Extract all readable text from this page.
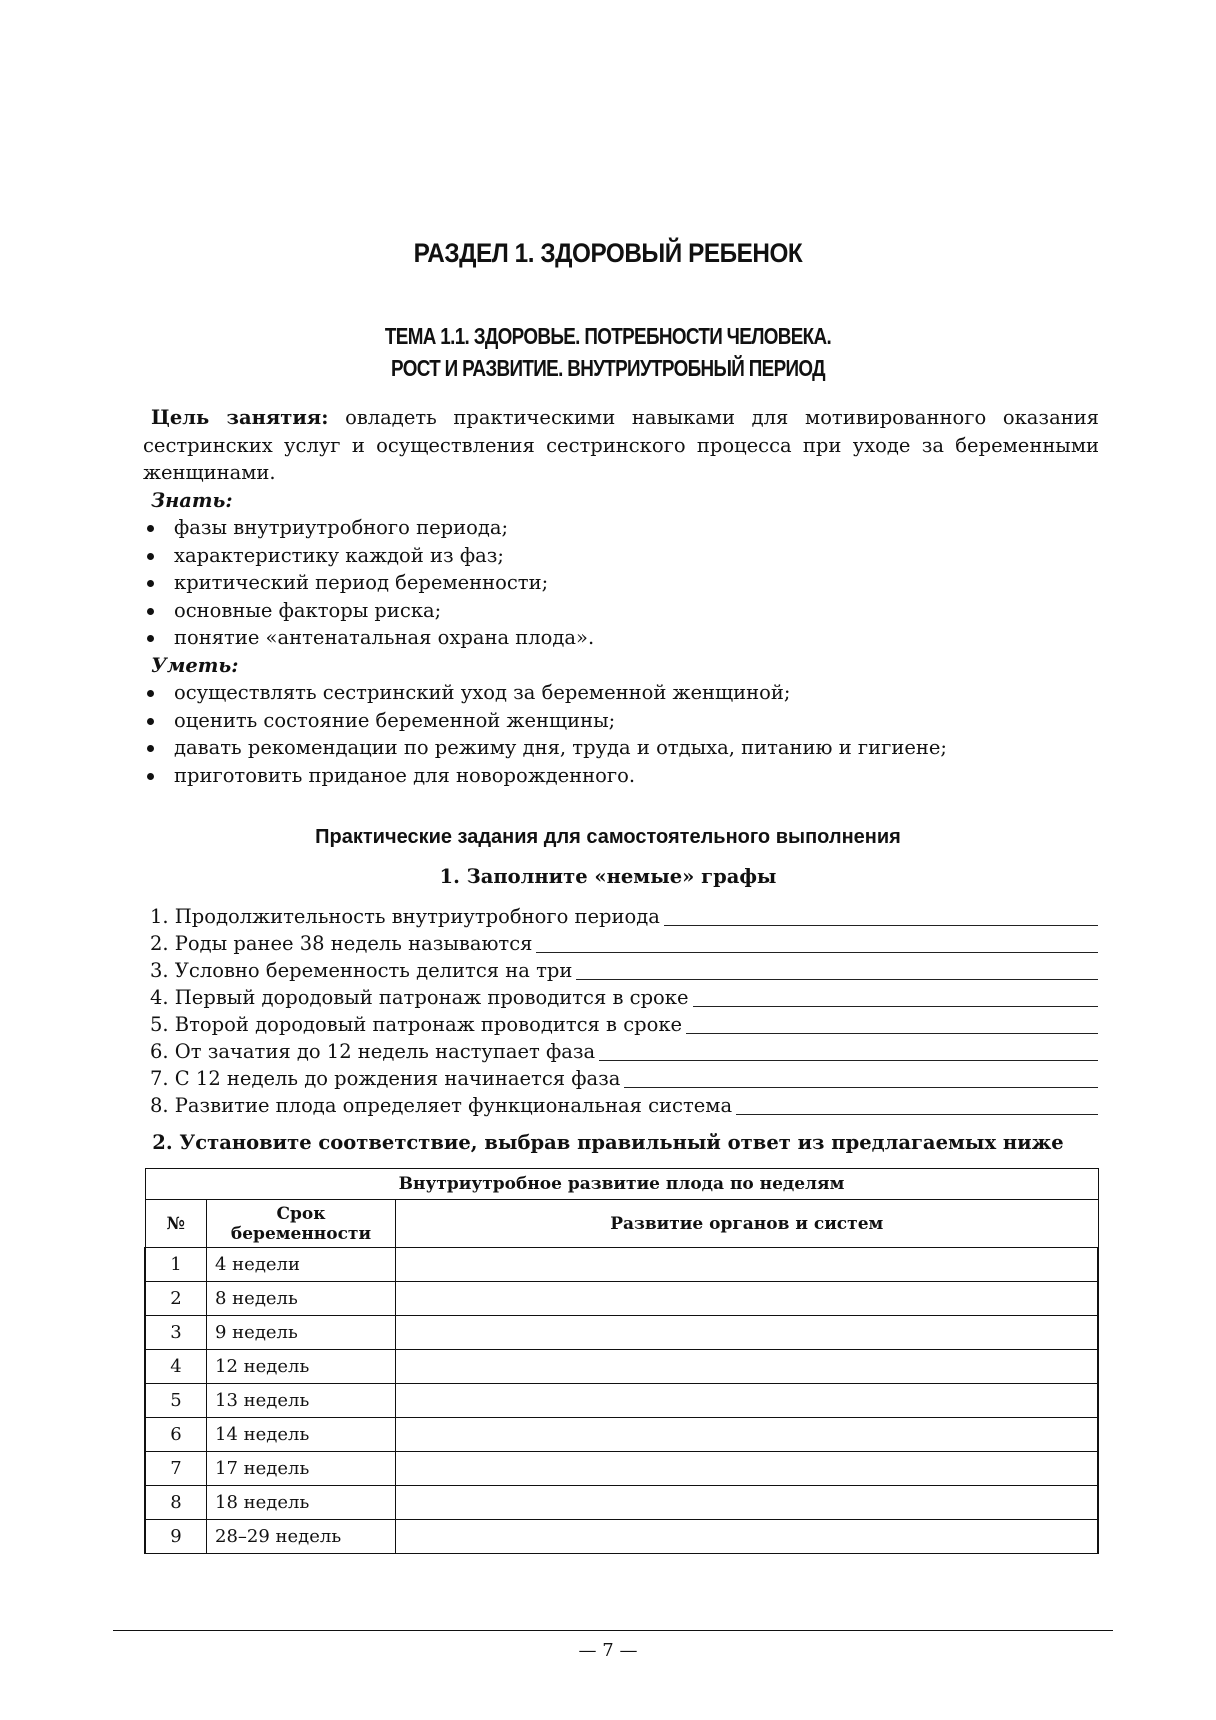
РАЗДЕЛ 1. ЗДОРОВЫЙ РЕБЕНОК
ТЕМА 1.1. ЗДОРОВЬЕ. ПОТРЕБНОСТИ ЧЕЛОВЕКА.
РОСТ И РАЗВИТИЕ. ВНУТРИУТРОБНЫЙ ПЕРИОД
Цель занятия: овладеть практическими навыками для мотивированного оказания сестринских услуг и осуществления сестринского процесса при уходе за беременными женщинами.
Знать:
фазы внутриутробного периода;
характеристику каждой из фаз;
критический период беременности;
основные факторы риска;
понятие «антенатальная охрана плода».
Уметь:
осуществлять сестринский уход за беременной женщиной;
оценить состояние беременной женщины;
давать рекомендации по режиму дня, труда и отдыха, питанию и гигиене;
приготовить приданое для новорожденного.
Практические задания для самостоятельного выполнения
1. Заполните «немые» графы
1. Продолжительность внутриутробного периода
2. Роды ранее 38 недель называются
3. Условно беременность делится на три
4. Первый дородовый патронаж проводится в сроке
5. Второй дородовый патронаж проводится в сроке
6. От зачатия до 12 недель наступает фаза
7. С 12 недель до рождения начинается фаза
8. Развитие плода определяет функциональная система
2. Установите соответствие, выбрав правильный ответ из предлагаемых ниже
Внутриутробное развитие плода по неделям		
№	Срок беременности	Развитие органов и систем
1	4 недели	
2	8 недель	
3	9 недель	
4	12 недель	
5	13 недель	
6	14 недель	
7	17 недель	
8	18 недель	
9	28–29 недель	
— 7 —
